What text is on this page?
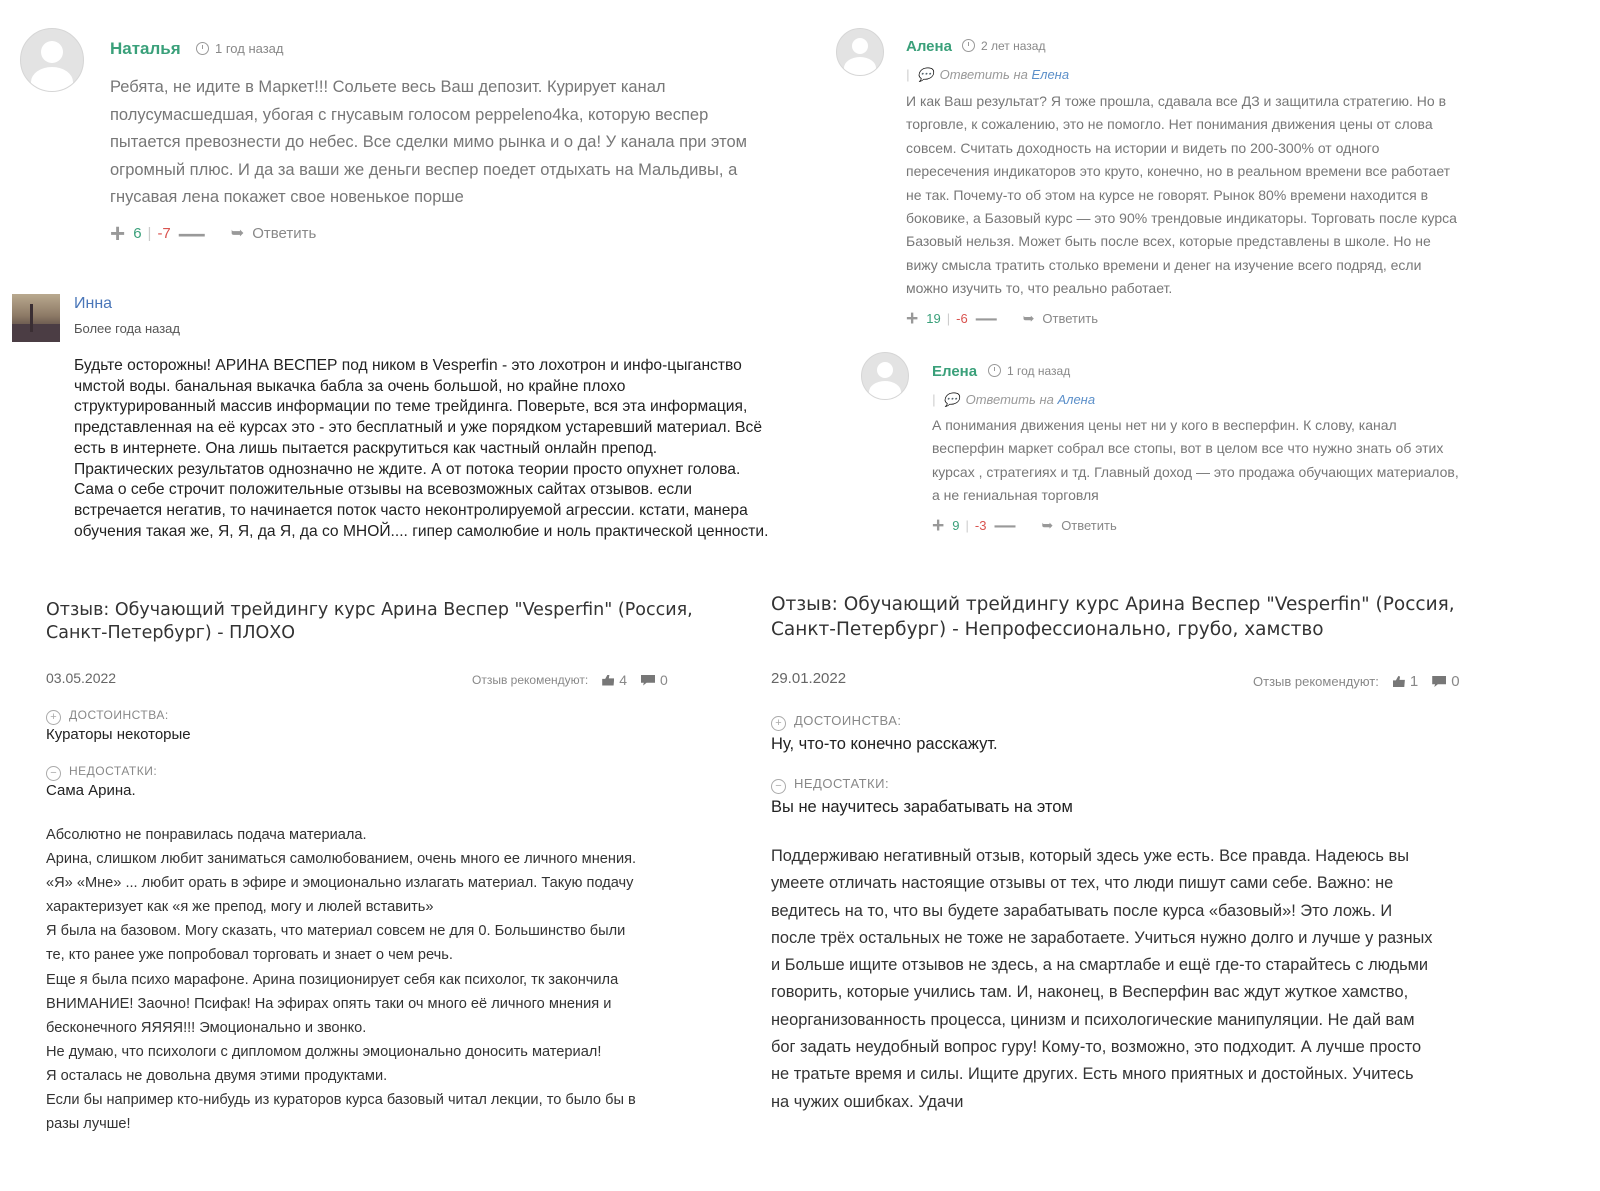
Наталья	1 год назад
Ребята, не идите в Маркет!!! Сольете весь Ваш депозит. Курирует канал
полусумасшедшая, убогая с гнусавым голосом peppeleno4ka, которую веспер
пытается превознести до небес. Все сделки мимо рынка и о да! У канала при этом
огромный плюс. И да за ваши же деньги веспер поедет отдыхать на Мальдивы, а
гнусавая лена покажет свое новенькое порше
+ 6 | -7 — ➥ Ответить
Алена	2 лет назад
| 💬 Ответить на Елена
И как Ваш результат? Я тоже прошла, сдавала все ДЗ и защитила стратегию. Но в
торговле, к сожалению, это не помогло. Нет понимания движения цены от слова
совсем. Считать доходность на истории и видеть по 200-300% от одного
пересечения индикаторов это круто, конечно, но в реальном времени все работает
не так. Почему-то об этом на курсе не говорят. Рынок 80% времени находится в
боковике, а Базовый курс — это 90% трендовые индикаторы. Торговать после курса
Базовый нельзя. Может быть после всех, которые представлены в школе. Но не
вижу смысла тратить столько времени и денег на изучение всего подряд, если
можно изучить то, что реально работает.
+ 19 | -6 — ➥ Ответить
Елена	1 год назад
| 💬 Ответить на Алена
А понимания движения цены нет ни у кого в весперфин. К слову, канал
весперфин маркет собрал все стопы, вот в целом все что нужно знать об этих
курсах , стратегиях и тд. Главный доход — это продажа обучающих материалов,
а не гениальная торговля
+ 9 | -3 — ➥ Ответить
Инна
Более года назад
Будьте осторожны! АРИНА ВЕСПЕР под ником в Vesperfin - это лохотрон и инфо-цыганство
чмстой воды. банальная выкачка бабла за очень большой, но крайне плохо
структурированный массив информации по теме трейдинга. Поверьте, вся эта информация,
представленная на её курсах это - это бесплатный и уже порядком устаревший материал. Всё
есть в интернете. Она лишь пытается раскрутиться как частный онлайн препод.
Практических результатов однозначно не ждите. А от потока теории просто опухнет голова.
Сама о себе строчит положительные отзывы на всевозможных сайтах отзывов. если
встречается негатив, то начинается поток часто неконтролируемой агрессии. кстати, манера
обучения такая же, Я, Я, да Я, да со МНОЙ.... гипер самолюбие и ноль практической ценности.
Отзыв: Обучающий трейдингу курс Арина Веспер "Vesperfin" (Россия,
Санкт-Петербург) - ПЛОХО
03.05.2022	Отзыв рекомендуют: 4 0
+ ДОСТОИНСТВА:
Кураторы некоторые
− НЕДОСТАТКИ:
Сама Арина.
Абсолютно не понравилась подача материала.
Арина, слишком любит заниматься самолюбованием, очень много ее личного мнения.
«Я» «Мне» ... любит орать в эфире и эмоционально излагать материал. Такую подачу
характеризует как «я же препод, могу и люлей вставить»
Я была на базовом. Могу сказать, что материал совсем не для 0. Большинство были
те, кто ранее уже попробовал торговать и знает о чем речь.
Еще я была психо марафоне. Арина позиционирует себя как психолог, тк закончила
ВНИМАНИЕ! Заочно! Псифак! На эфирах опять таки оч много её личного мнения и
бесконечного ЯЯЯЯ!!! Эмоционально и звонко.
Не думаю, что психологи с дипломом должны эмоционально доносить материал!
Я осталась не довольна двумя этими продуктами.
Если бы например кто-нибудь из кураторов курса базовый читал лекции, то было бы в
разы лучше!
Отзыв: Обучающий трейдингу курс Арина Веспер "Vesperfin" (Россия,
Санкт-Петербург) - Непрофессионально, грубо, хамство
29.01.2022	Отзыв рекомендуют: 1 0
+ ДОСТОИНСТВА:
Ну, что-то конечно расскажут.
− НЕДОСТАТКИ:
Вы не научитесь зарабатывать на этом
Поддерживаю негативный отзыв, который здесь уже есть. Все правда. Надеюсь вы
умеете отличать настоящие отзывы от тех, что люди пишут сами себе. Важно: не
ведитесь на то, что вы будете зарабатывать после курса «базовый»! Это ложь. И
после трёх остальных не тоже не заработаете. Учиться нужно долго и лучше у разных
и Больше ищите отзывов не здесь, а на смартлабе и ещё где-то старайтесь с людьми
говорить, которые учились там. И, наконец, в Весперфин вас ждут жуткое хамство,
неорганизованность процесса, цинизм и психологические манипуляции. Не дай вам
бог задать неудобный вопрос гуру! Кому-то, возможно, это подходит. А лучше просто
не тратьте время и силы. Ищите других. Есть много приятных и достойных. Учитесь
на чужих ошибках. Удачи
